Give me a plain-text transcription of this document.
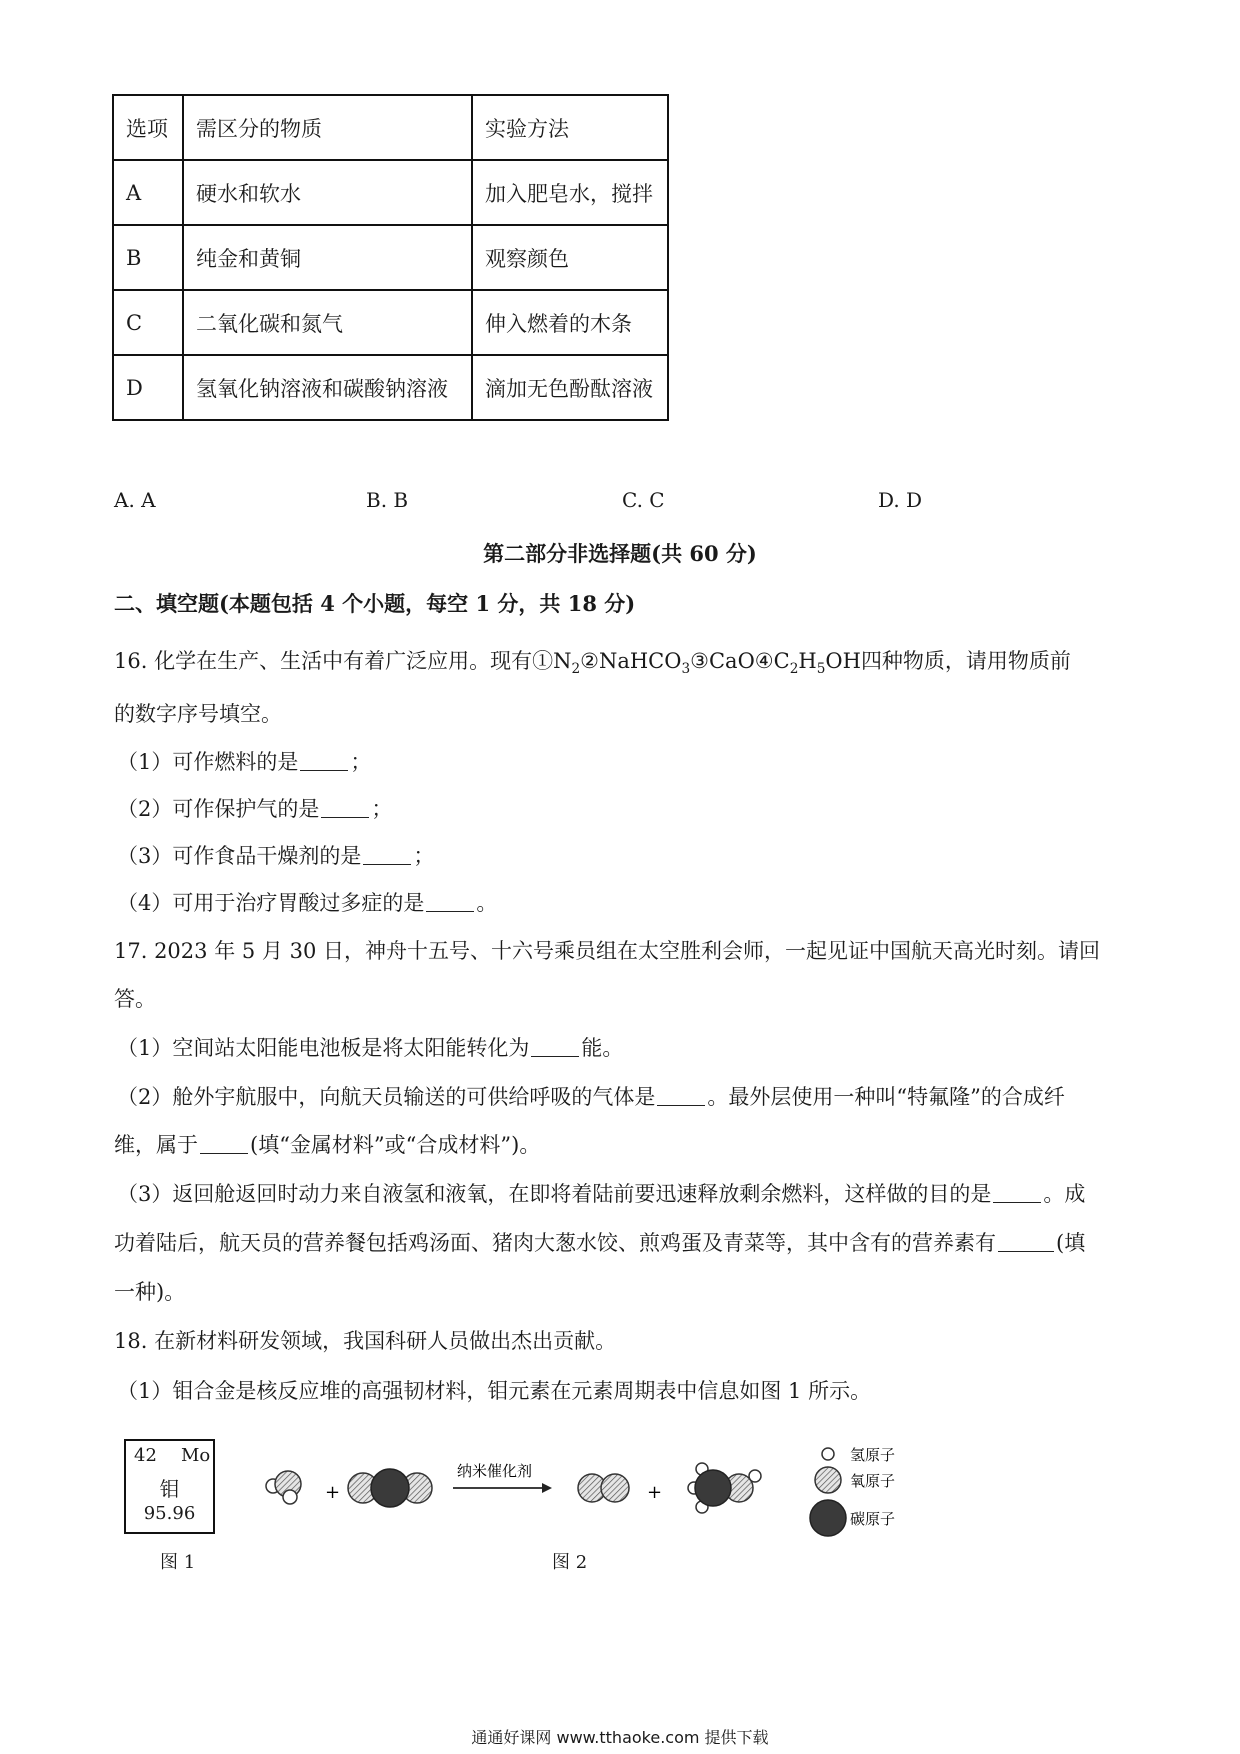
选项	需区分的物质	实验方法
A	硬水和软水	加入肥皂水，搅拌
B	纯金和黄铜	观察颜色
C	二氧化碳和氮气	伸入燃着的木条
D	氢氧化钠溶液和碳酸钠溶液	滴加无色酚酞溶液
A. A	B. B	C. C	D. D
第二部分非选择题(共 60 分)
二、填空题(本题包括 4 个小题，每空 1 分，共 18 分)
16. 化学在生产、生活中有着广泛应用。现有$①N_2②NaHCO_3③CaO④C_2H_5OH$四种物质，请用物质前
的数字序号填空。
（1）可作燃料的是 ；
（2）可作保护气的是 ；
（3）可作食品干燥剂的是 ；
（4）可用于治疗胃酸过多症的是 。
17. 2023 年 5 月 30 日，神舟十五号、十六号乘员组在太空胜利会师，一起见证中国航天高光时刻。请回
答。
（1）空间站太阳能电池板是将太阳能转化为 能。
（2）舱外宇航服中，向航天员输送的可供给呼吸的气体是 。最外层使用一种叫“特氟隆”的合成纤
维，属于 (填“金属材料”或“合成材料”)。
（3）返回舱返回时动力来自液氢和液氧，在即将着陆前要迅速释放剩余燃料，这样做的目的是 。成
功着陆后，航天员的营养餐包括鸡汤面、猪肉大葱水饺、煎鸡蛋及青菜等，其中含有的营养素有	(填
一种)。
18. 在新材料研发领域，我国科研人员做出杰出贡献。
（1）钼合金是核反应堆的高强韧材料，钼元素在元素周期表中信息如图 1 所示。
42 Mo
钼
95.96
图 1
+
纳米催化剂
+
氢原子
氧原子
碳原子
图 2
通通好课网 www.tthaoke.com 提供下载
